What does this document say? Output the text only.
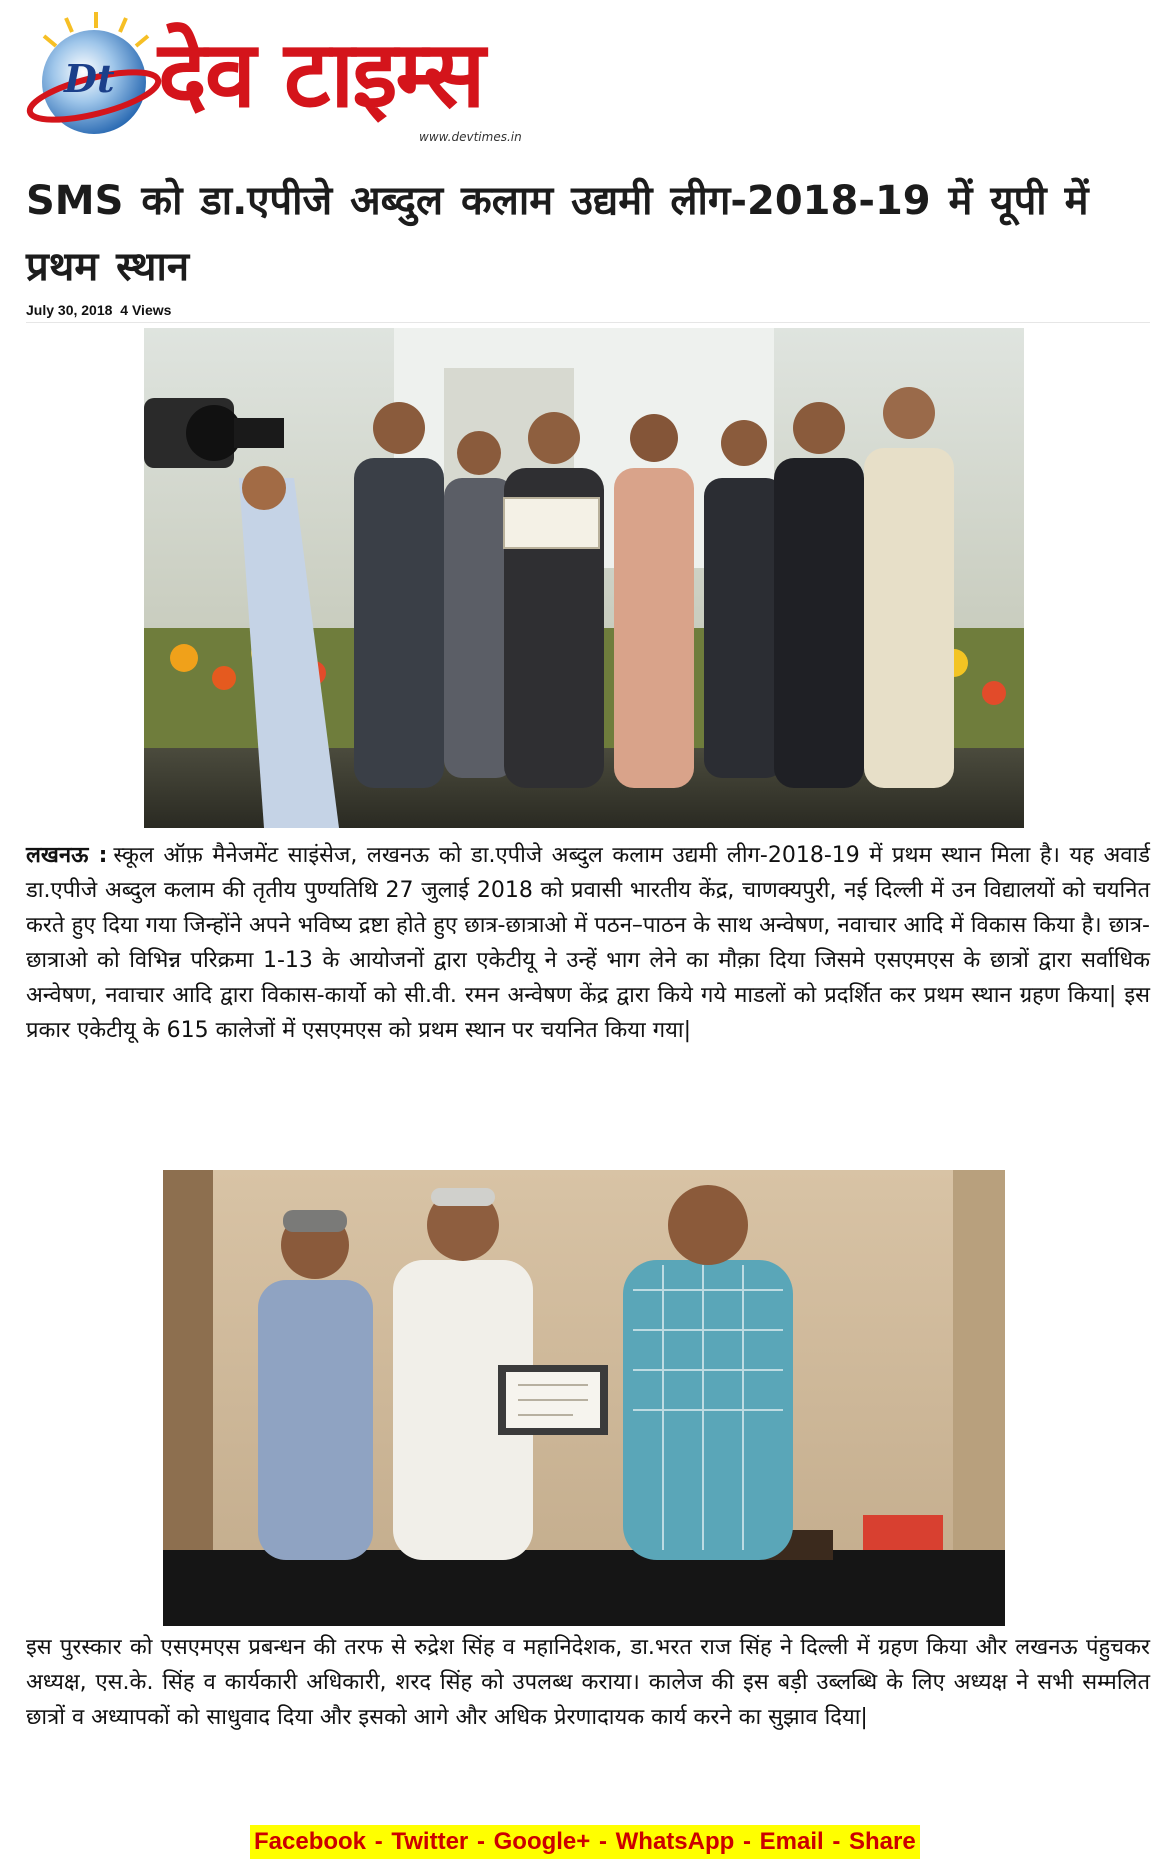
Dt देव टाइम्स
www.devtimes.in
SMS को डा.एपीजे अब्दुल कलाम उद्यमी लीग-2018-19 में यूपी में प्रथम स्थान
July 30, 2018 4 Views

लखनऊ : स्कूल ऑफ़ मैनेजमेंट साइंसेज, लखनऊ को डा.एपीजे अब्दुल कलाम उद्यमी लीग-2018-19 में प्रथम स्थान मिला है। यह अवार्ड डा.एपीजे अब्दुल कलाम की तृतीय पुण्यतिथि 27 जुलाई 2018 को प्रवासी भारतीय केंद्र, चाणक्यपुरी, नई दिल्ली में उन विद्यालयों को चयनित करते हुए दिया गया जिन्होंने अपने भविष्य द्रष्टा होते हुए छात्र-छात्राओ में पठन–पाठन के साथ अन्वेषण, नवाचार आदि में विकास किया है। छात्र-छात्राओ को विभिन्न परिक्रमा 1-13 के आयोजनों द्वारा एकेटीयू ने उन्हें भाग लेने का मौक़ा दिया जिसमे एसएमएस के छात्रों द्वारा सर्वाधिक अन्वेषण, नवाचार आदि द्वारा विकास-कार्यो को सी.वी. रमन अन्वेषण केंद्र द्वारा किये गये माडलों को प्रदर्शित कर प्रथम स्थान ग्रहण किया| इस प्रकार एकेटीयू के 615 कालेजों में एसएमएस को प्रथम स्थान पर चयनित किया गया|

इस पुरस्कार को एसएमएस प्रबन्धन की तरफ से रुद्रेश सिंह व महानिदेशक, डा.भरत राज सिंह ने दिल्ली में ग्रहण किया और लखनऊ पंहुचकर अध्यक्ष, एस.के. सिंह व कार्यकारी अधिकारी, शरद सिंह को उपलब्ध कराया। कालेज की इस बड़ी उब्लब्धि के लिए अध्यक्ष ने सभी सम्मलित छात्रों व अध्यापकों को साधुवाद दिया और इसको आगे और अधिक प्रेरणादायक कार्य करने का सुझाव दिया|

Facebook - Twitter - Google+ - WhatsApp - Email - Share
